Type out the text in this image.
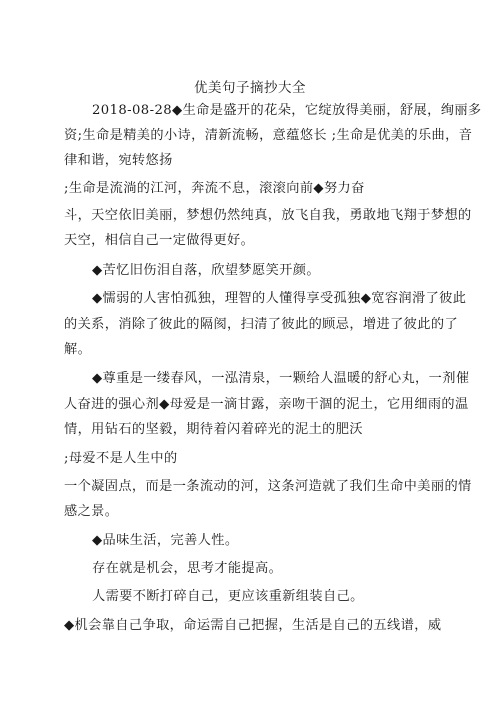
优美句子摘抄大全
2018-08-28◆生命是盛开的花朵，它绽放得美丽，舒展，绚丽多
资;生命是精美的小诗，清新流畅，意蕴悠长 ;生命是优美的乐曲，音
律和谐，宛转悠扬
;生命是流淌的江河，奔流不息，滚滚向前◆努力奋
斗，天空依旧美丽，梦想仍然纯真，放飞自我，勇敢地飞翔于梦想的
天空，相信自己一定做得更好。
◆苦忆旧伤泪自落，欣望梦愿笑开颜。
◆懦弱的人害怕孤独，理智的人懂得享受孤独◆宽容润滑了彼此
的关系，消除了彼此的隔阂，扫清了彼此的顾忌，增进了彼此的了
解。
◆尊重是一缕春风，一泓清泉，一颗给人温暖的舒心丸，一剂催
人奋进的强心剂◆母爱是一滴甘露，亲吻干涸的泥土，它用细雨的温
情，用钻石的坚毅，期待着闪着碎光的泥土的肥沃
;母爱不是人生中的
一个凝固点，而是一条流动的河，这条河造就了我们生命中美丽的情
感之景。
◆品味生活，完善人性。
存在就是机会，思考才能提高。
人需要不断打碎自己，更应该重新组装自己。
◆机会靠自己争取，命运需自己把握，生活是自己的五线谱，威
